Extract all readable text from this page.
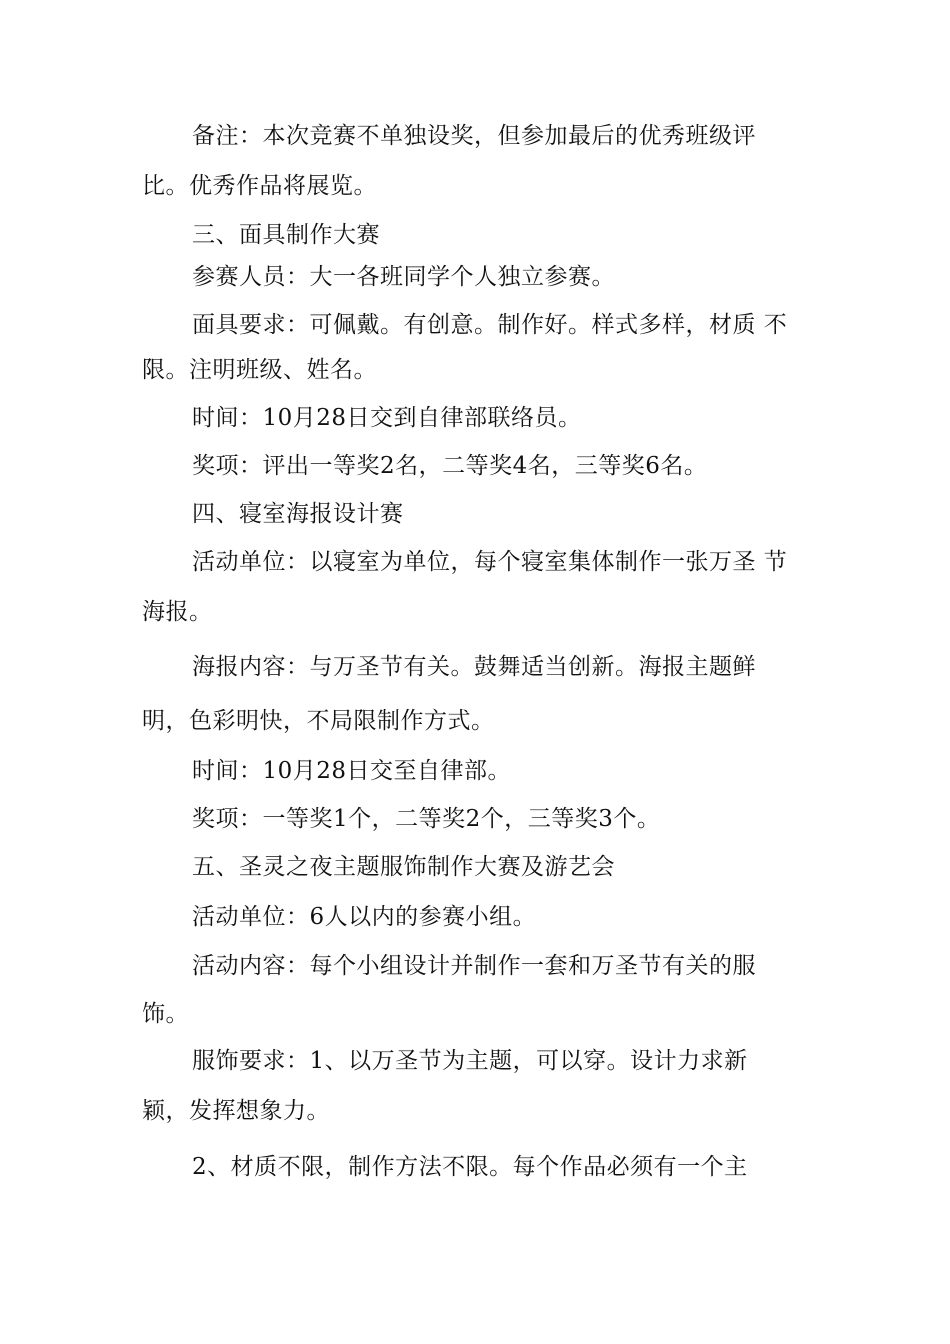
备注：本次竞赛不单独设奖，但参加最后的优秀班级评
比。优秀作品将展览。
三、面具制作大赛
参赛人员：大一各班同学个人独立参赛。
面具要求：可佩戴。有创意。制作好。样式多样，材质 不
限。注明班级、姓名。
时间：10月28日交到自律部联络员。
奖项：评出一等奖2名，二等奖4名，三等奖6名。
四、寝室海报设计赛
活动单位：以寝室为单位，每个寝室集体制作一张万圣 节
海报。
海报内容：与万圣节有关。鼓舞适当创新。海报主题鲜
明，色彩明快，不局限制作方式。
时间：10月28日交至自律部。
奖项：一等奖1个，二等奖2个，三等奖3个。
五、圣灵之夜主题服饰制作大赛及游艺会
活动单位：6人以内的参赛小组。
活动内容：每个小组设计并制作一套和万圣节有关的服
饰。
服饰要求：1、以万圣节为主题，可以穿。设计力求新
颖，发挥想象力。
2、材质不限，制作方法不限。每个作品必须有一个主
